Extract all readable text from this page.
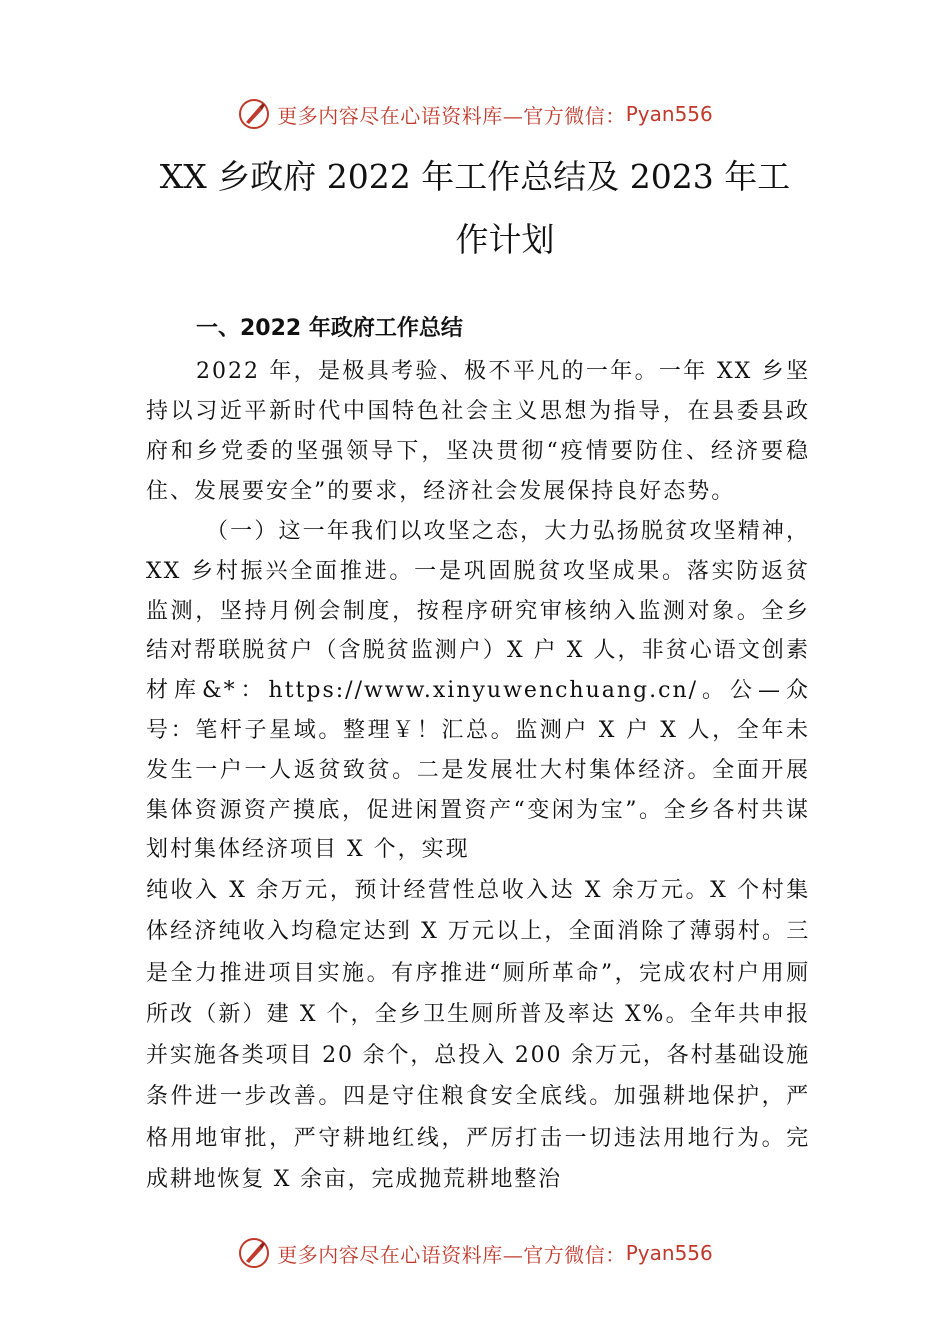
更多内容尽在心语资料库—官方微信： Pyan556
XX 乡政府 2022 年工作总结及 2023 年工
作计划
一、2022 年政府工作总结

2022 年，是极具考验、极不平凡的一年。一年 XX 乡坚持以习近平新时代中国特色社会主义思想为指导，在县委县政府和乡党委的坚强领导下，坚决贯彻“疫情要防住、经济要稳住、发展要安全”的要求，经济社会发展保持良好态势。

（一）这一年我们以攻坚之态，大力弘扬脱贫攻坚精神，XX 乡村振兴全面推进。一是巩固脱贫攻坚成果。落实防返贫监测，坚持月例会制度，按程序研究审核纳入监测对象。全乡结对帮联脱贫户（含脱贫监测户）X 户 X 人，非贫心语文创素材库&*：https://www.xinyuwenchuang.cn/。公—众号：笔杆子星域。整理￥！汇总。监测户 X 户 X 人，全年未发生一户一人返贫致贫。二是发展壮大村集体经济。全面开展集体资源资产摸底，促进闲置资产“变闲为宝”。全乡各村共谋划村集体经济项目 X 个，实现

纯收入 X 余万元，预计经营性总收入达 X 余万元。X 个村集体经济纯收入均稳定达到 X 万元以上，全面消除了薄弱村。三是全力推进项目实施。有序推进“厕所革命”，完成农村户用厕所改（新）建 X 个，全乡卫生厕所普及率达 X%。全年共申报并实施各类项目 20 余个，总投入 200 余万元，各村基础设施条件进一步改善。四是守住粮食安全底线。加强耕地保护，严格用地审批，严守耕地红线，严厉打击一切违法用地行为。完成耕地恢复 X 余亩，完成抛荒耕地整治

更多内容尽在心语资料库—官方微信： Pyan556
